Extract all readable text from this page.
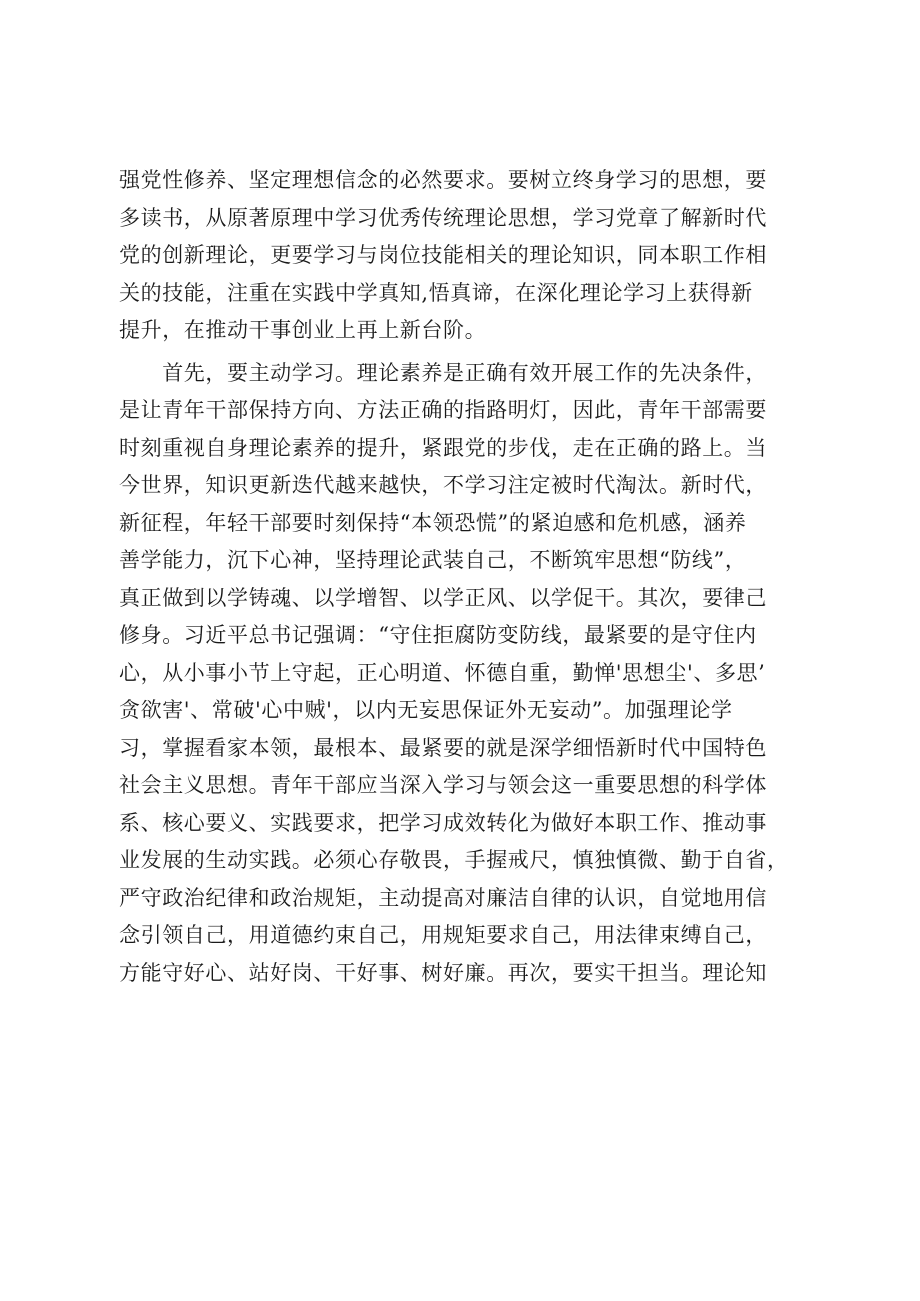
强党性修养、坚定理想信念的必然要求。要树立终身学习的思想，要
多读书，从原著原理中学习优秀传统理论思想，学习党章了解新时代
党的创新理论，更要学习与岗位技能相关的理论知识，同本职工作相
关的技能，注重在实践中学真知,悟真谛，在深化理论学习上获得新
提升，在推动干事创业上再上新台阶。
　　首先，要主动学习。理论素养是正确有效开展工作的先决条件，
是让青年干部保持方向、方法正确的指路明灯，因此，青年干部需要
时刻重视自身理论素养的提升，紧跟党的步伐，走在正确的路上。当
今世界，知识更新迭代越来越快，不学习注定被时代淘汰。新时代，
新征程，年轻干部要时刻保持“本领恐慌”的紧迫感和危机感，涵养
善学能力，沉下心神，坚持理论武装自己，不断筑牢思想“防线”，
真正做到以学铸魂、以学增智、以学正风、以学促干。其次，要律己
修身。习近平总书记强调：“守住拒腐防变防线，最紧要的是守住内
心，从小事小节上守起，正心明道、怀德自重，勤惮'思想尘'、多思’
贪欲害'、常破'心中贼'，以内无妄思保证外无妄动”。加强理论学
习，掌握看家本领，最根本、最紧要的就是深学细悟新时代中国特色
社会主义思想。青年干部应当深入学习与领会这一重要思想的科学体
系、核心要义、实践要求，把学习成效转化为做好本职工作、推动事
业发展的生动实践。必须心存敬畏，手握戒尺，慎独慎微、勤于自省，
严守政治纪律和政治规矩，主动提高对廉洁自律的认识，自觉地用信
念引领自己，用道德约束自己，用规矩要求自己，用法律束缚自己，
方能守好心、站好岗、干好事、树好廉。再次，要实干担当。理论知
